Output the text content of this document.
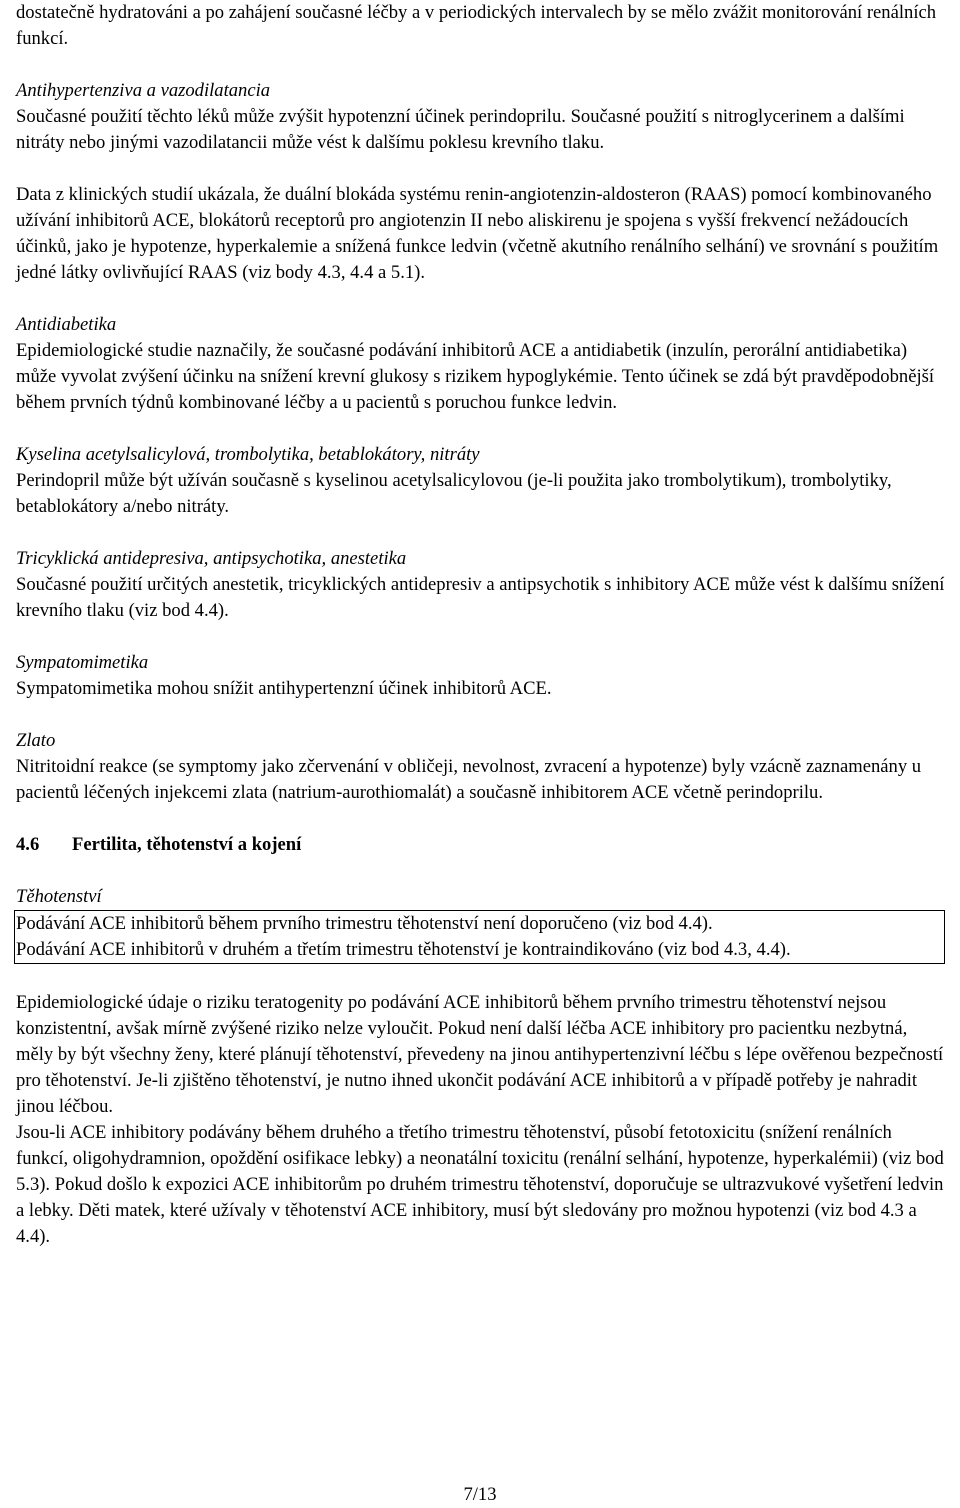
dostatečně hydratováni a po zahájení současné léčby a v periodických intervalech by se mělo zvážit monitorování renálních funkcí.

Antihypertenziva a vazodilatancia

Současné použití těchto léků může zvýšit hypotenzní účinek perindoprilu. Současné použití s nitroglycerinem a dalšími nitráty nebo jinými vazodilatancii může vést k dalšímu poklesu krevního tlaku.

Data z klinických studií ukázala, že duální blokáda systému renin-angiotenzin-aldosteron (RAAS) pomocí kombinovaného užívání inhibitorů ACE, blokátorů receptorů pro angiotenzin II nebo aliskirenu je spojena s vyšší frekvencí nežádoucích účinků, jako je hypotenze, hyperkalemie a snížená funkce ledvin (včetně akutního renálního selhání) ve srovnání s použitím jedné látky ovlivňující RAAS (viz body 4.3, 4.4 a 5.1).

Antidiabetika

Epidemiologické studie naznačily, že současné podávání inhibitorů ACE a antidiabetik (inzulín, perorální antidiabetika) může vyvolat zvýšení účinku na snížení krevní glukosy s rizikem hypoglykémie. Tento účinek se zdá být pravděpodobnější během prvních týdnů kombinované léčby a u pacientů s poruchou funkce ledvin.

Kyselina acetylsalicylová, trombolytika, betablokátory, nitráty

Perindopril může být užíván současně s kyselinou acetylsalicylovou (je-li použita jako trombolytikum), trombolytiky, betablokátory a/nebo nitráty.

Tricyklická antidepresiva, antipsychotika, anestetika

Současné použití určitých anestetik, tricyklických antidepresiv a antipsychotik s inhibitory ACE může vést k dalšímu snížení krevního tlaku (viz bod 4.4).

Sympatomimetika

Sympatomimetika mohou snížit antihypertenzní účinek inhibitorů ACE.

Zlato

Nitritoidní reakce (se symptomy jako zčervenání v obličeji, nevolnost, zvracení a hypotenze) byly vzácně zaznamenány u pacientů léčených injekcemi zlata (natrium-aurothiomalát) a současně inhibitorem ACE včetně perindoprilu.

4.6 Fertilita, těhotenství a kojení

Těhotenství

Podávání ACE inhibitorů během prvního trimestru těhotenství není doporučeno (viz bod 4.4).

Podávání ACE inhibitorů v druhém a třetím trimestru těhotenství je kontraindikováno (viz bod 4.3, 4.4).

Epidemiologické údaje o riziku teratogenity po podávání ACE inhibitorů během prvního trimestru těhotenství nejsou konzistentní, avšak mírně zvýšené riziko nelze vyloučit. Pokud není další léčba ACE inhibitory pro pacientku nezbytná, měly by být všechny ženy, které plánují těhotenství, převedeny na jinou antihypertenzivní léčbu s lépe ověřenou bezpečností pro těhotenství. Je-li zjištěno těhotenství, je nutno ihned ukončit podávání ACE inhibitorů a v případě potřeby je nahradit jinou léčbou.

Jsou-li ACE inhibitory podávány během druhého a třetího trimestru těhotenství, působí fetotoxicitu (snížení renálních funkcí, oligohydramnion, opoždění osifikace lebky) a neonatální toxicitu (renální selhání, hypotenze, hyperkalémii) (viz bod 5.3). Pokud došlo k expozici ACE inhibitorům po druhém trimestru těhotenství, doporučuje se ultrazvukové vyšetření ledvin a lebky. Děti matek, které užívaly v těhotenství ACE inhibitory, musí být sledovány pro možnou hypotenzi (viz bod 4.3 a 4.4).

7/13
